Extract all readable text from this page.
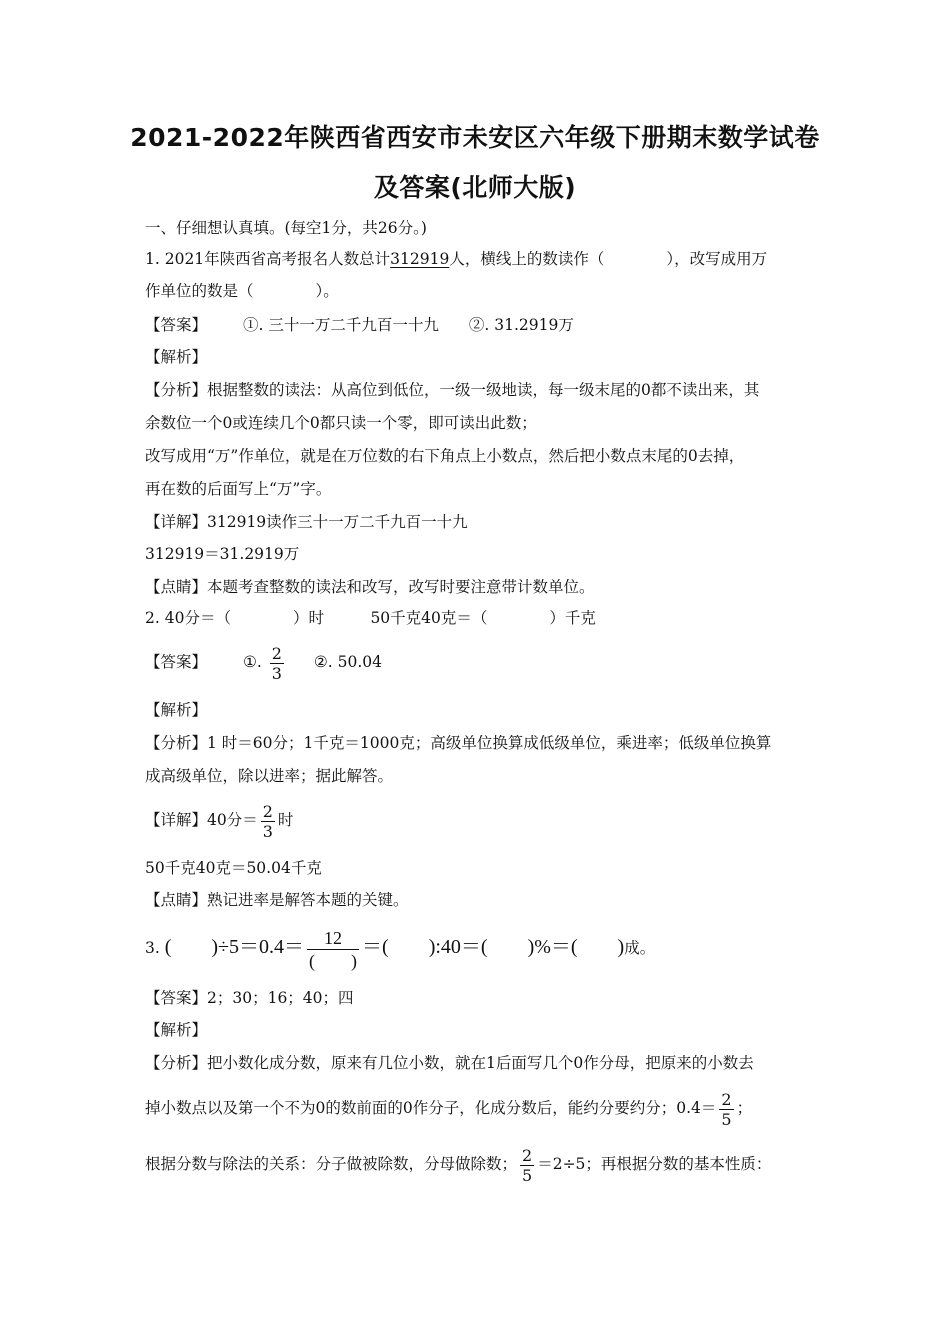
2021-2022年陕西省西安市未安区六年级下册期末数学试卷
及答案(北师大版)
一、仔细想认真填。(每空1分，共26分。)
1. 2021年陕西省高考报名人数总计312919人，横线上的数读作（　　　　），改写成用万
作单位的数是（　　　　）。
【答案】 ①. 三十一万二千九百一十九 ②. 31.2919万
【解析】
【分析】根据整数的读法：从高位到低位，一级一级地读，每一级末尾的0都不读出来，其
余数位一个0或连续几个0都只读一个零，即可读出此数；
改写成用“万”作单位，就是在万位数的右下角点上小数点，然后把小数点末尾的0去掉，
再在数的后面写上“万”字。
【详解】312919读作三十一万二千九百一十九
312919＝31.2919万
【点睛】本题考查整数的读法和改写，改写时要注意带计数单位。
2. 40分＝（　　　　）时　　　50千克40克＝（　　　　）千克
【答案】 ①. $\frac{2}{3}$ ②. 50.04
【解析】
【分析】1 时＝60分；1千克＝1000克；高级单位换算成低级单位，乘进率；低级单位换算
成高级单位，除以进率；据此解答。
【详解】40分＝ $\frac{2}{3}$ 时
50千克40克＝50.04千克
【点睛】熟记进率是解答本题的关键。
3. (　　)$\div 5=0.4= \frac{12}{( )}$ ＝(　　):40＝(　　)%＝(　　)成。
【答案】2；30；16；40；四
【解析】
【分析】把小数化成分数，原来有几位小数，就在1后面写几个0作分母，把原来的小数去
掉小数点以及第一个不为0的数前面的0作分子，化成分数后，能约分要约分；$0.4= \frac{2}{5}$ ；
根据分数与除法的关系：分子做被除数，分母做除数； $\frac{2}{5} =2\div 5$；再根据分数的基本性质：
